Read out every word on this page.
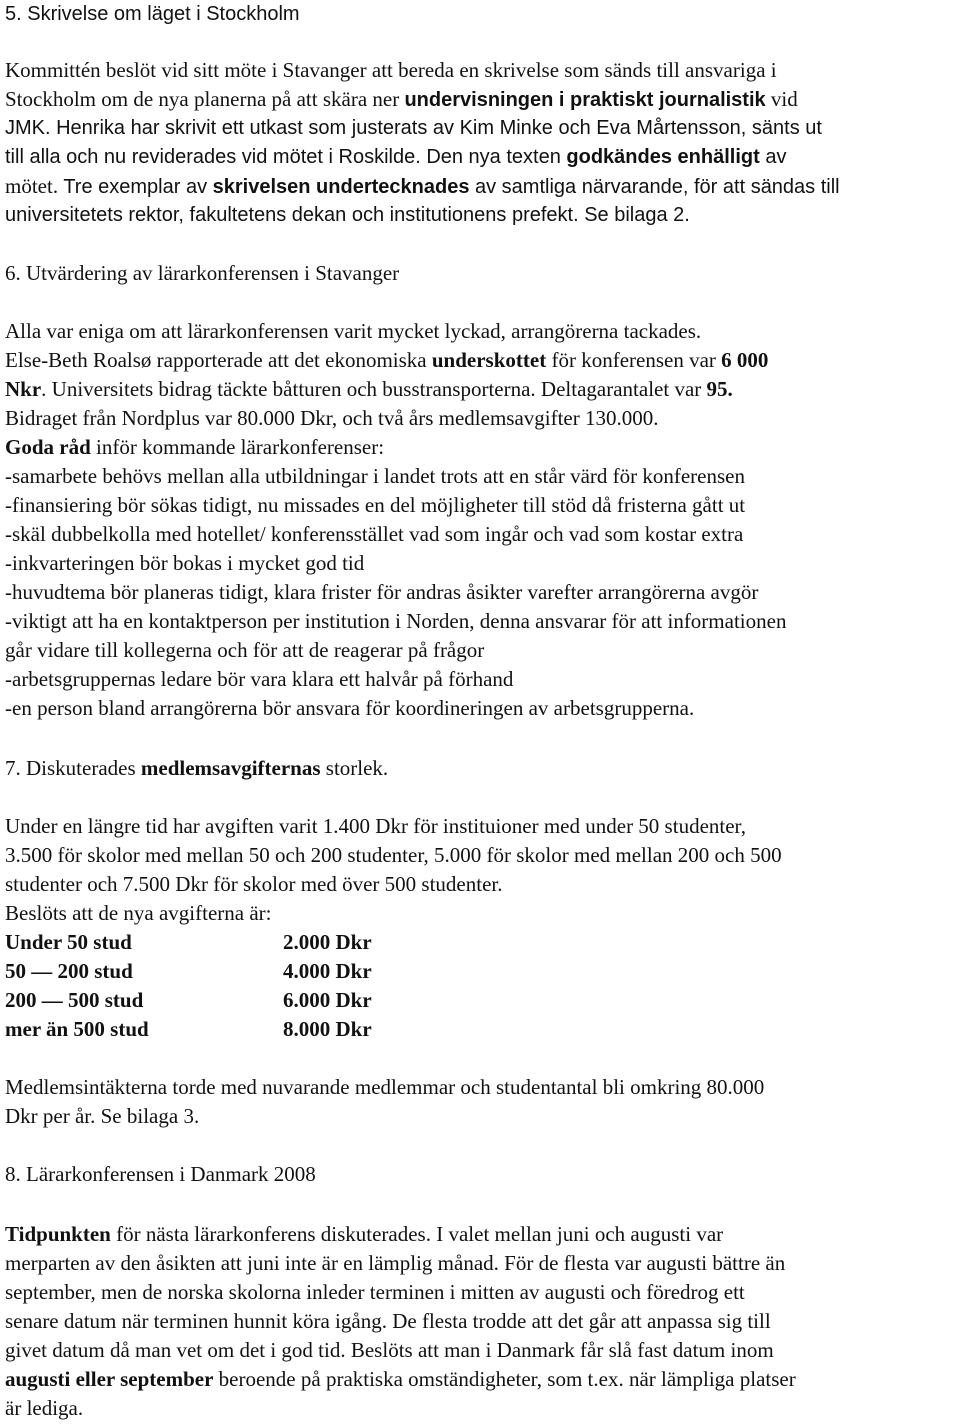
5. Skrivelse om läget i Stockholm
Kommittén beslöt vid sitt möte i Stavanger att bereda en skrivelse som sänds till ansvariga i
Stockholm om de nya planerna på att skära ner undervisningen i praktiskt journalistik vid
JMK. Henrika har skrivit ett utkast som justerats av Kim Minke och Eva Mårtensson, sänts ut
till alla och nu reviderades vid mötet i Roskilde. Den nya texten godkändes enhälligt av
mötet. Tre exemplar av skrivelsen undertecknades av samtliga närvarande, för att sändas till
universitetets rektor, fakultetens dekan och institutionens prefekt. Se bilaga 2.
6. Utvärdering av lärarkonferensen i Stavanger
Alla var eniga om att lärarkonferensen varit mycket lyckad, arrangörerna tackades.
Else-Beth Roalsø rapporterade att det ekonomiska underskottet för konferensen var 6 000
Nkr. Universitets bidrag täckte båtturen och busstransporterna. Deltagarantalet var 95.
Bidraget från Nordplus var 80.000 Dkr, och två års medlemsavgifter 130.000.
Goda råd inför kommande lärarkonferenser:
-samarbete behövs mellan alla utbildningar i landet trots att en står värd för konferensen
-finansiering bör sökas tidigt, nu missades en del möjligheter till stöd då fristerna gått ut
-skäl dubbelkolla med hotellet/ konferensstället vad som ingår och vad som kostar extra
-inkvarteringen bör bokas i mycket god tid
-huvudtema bör planeras tidigt, klara frister för andras åsikter varefter arrangörerna avgör
-viktigt att ha en kontaktperson per institution i Norden, denna ansvarar för att informationen
går vidare till kollegerna och för att de reagerar på frågor
-arbetsgruppernas ledare bör vara klara ett halvår på förhand
-en person bland arrangörerna bör ansvara för koordineringen av arbetsgrupperna.
7. Diskuterades medlemsavgifternas storlek.
Under en längre tid har avgiften varit 1.400 Dkr för instituioner med under 50 studenter,
3.500 för skolor med mellan 50 och 200 studenter, 5.000 för skolor med mellan 200 och 500
studenter och 7.500 Dkr för skolor med över 500 studenter.
Beslöts att de nya avgifterna är:
Under 50 stud	2.000 Dkr
50 — 200 stud	4.000 Dkr
200 — 500 stud	6.000 Dkr
mer än 500 stud	8.000 Dkr
Medlemsintäkterna torde med nuvarande medlemmar och studentantal bli omkring 80.000
Dkr per år. Se bilaga 3.
8. Lärarkonferensen i Danmark 2008
Tidpunkten för nästa lärarkonferens diskuterades. I valet mellan juni och augusti var
merparten av den åsikten att juni inte är en lämplig månad. För de flesta var augusti bättre än
september, men de norska skolorna inleder terminen i mitten av augusti och föredrog ett
senare datum när terminen hunnit köra igång. De flesta trodde att det går att anpassa sig till
givet datum då man vet om det i god tid. Beslöts att man i Danmark får slå fast datum inom
augusti eller september beroende på praktiska omständigheter, som t.ex. när lämpliga platser
är lediga.
